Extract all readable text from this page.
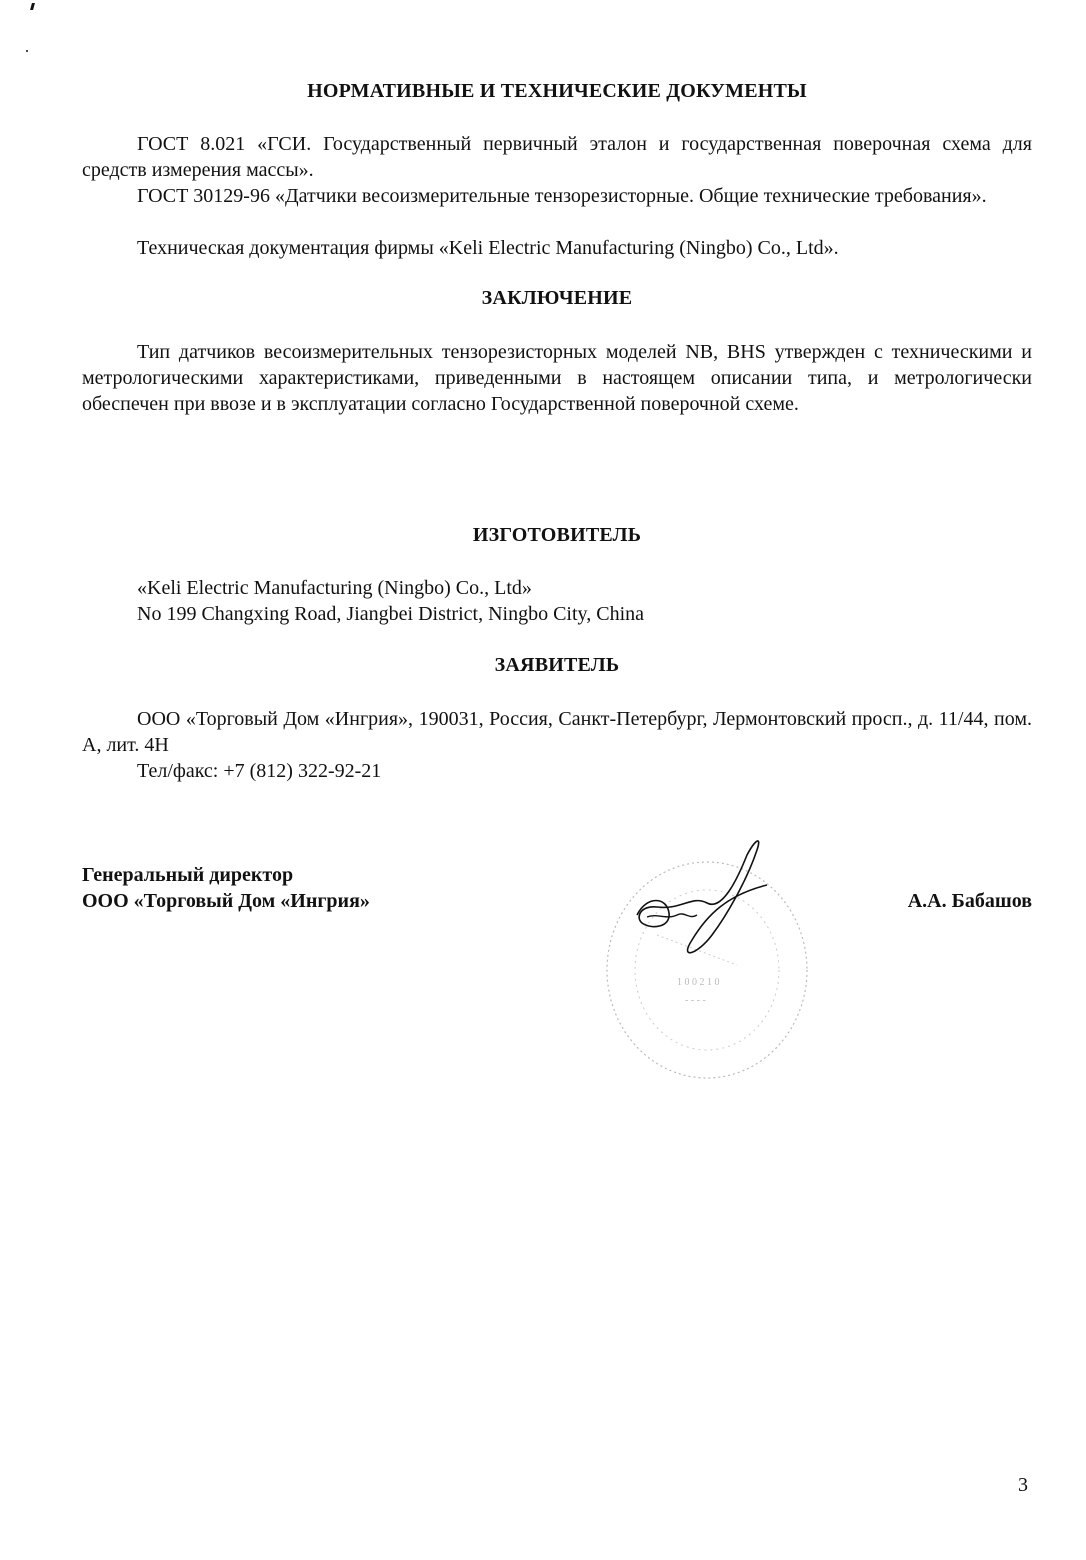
НОРМАТИВНЫЕ И ТЕХНИЧЕСКИЕ ДОКУМЕНТЫ
ГОСТ 8.021 «ГСИ. Государственный первичный эталон и государственная поверочная схема для средств измерения массы».
ГОСТ 30129-96 «Датчики весоизмерительные тензорезисторные. Общие технические требования».
Техническая документация фирмы «Keli Electric Manufacturing (Ningbo) Co., Ltd».
ЗАКЛЮЧЕНИЕ
Тип датчиков весоизмерительных тензорезисторных моделей NB, BHS утвержден с техническими и метрологическими характеристиками, приведенными в настоящем описании типа, и метрологически обеспечен при ввозе и в эксплуатации согласно Государственной поверочной схеме.
ИЗГОТОВИТЕЛЬ
«Keli Electric Manufacturing (Ningbo) Co., Ltd»
No 199 Changxing Road, Jiangbei District, Ningbo City, China
ЗАЯВИТЕЛЬ
ООО «Торговый Дом «Ингрия», 190031, Россия, Санкт-Петербург, Лермонтовский просп., д. 11/44, пом. А, лит. 4Н
Тел/факс: +7 (812) 322-92-21
Генеральный директор
ООО «Торговый Дом «Ингрия»
1 0 0 2 1 0
- - - -
А.А. Бабашов
3
